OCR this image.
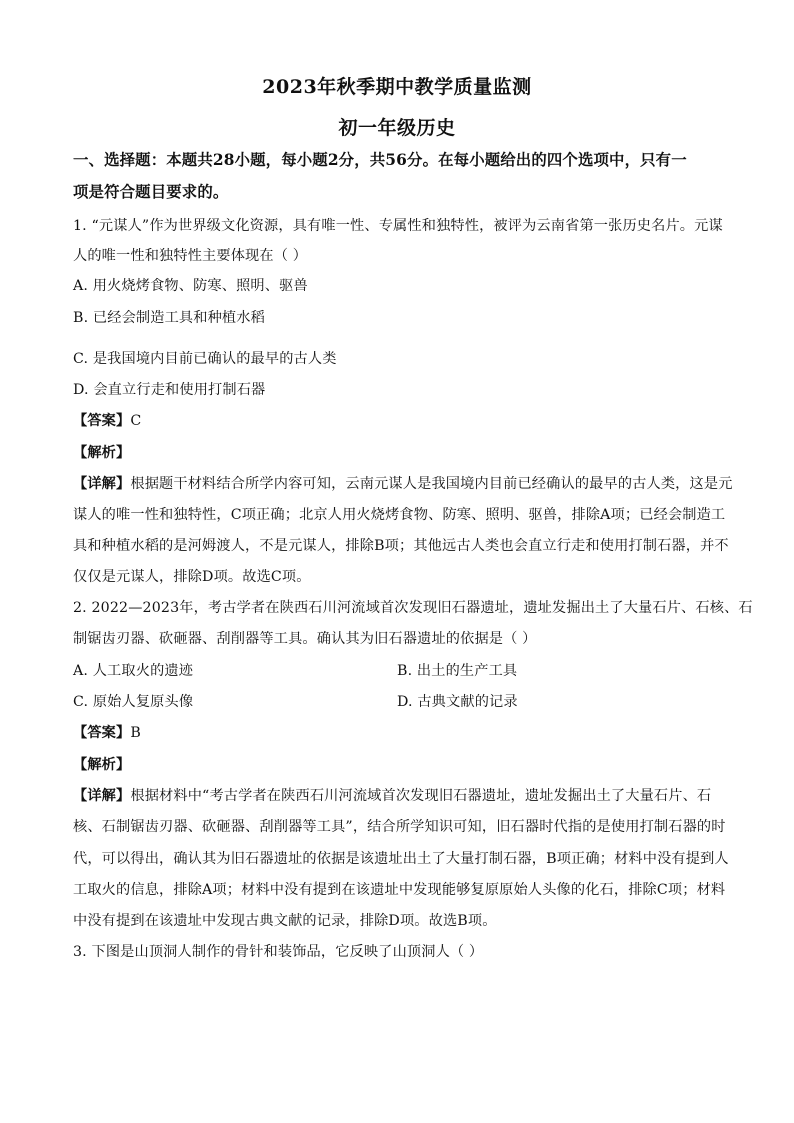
2023年秋季期中教学质量监测
初一年级历史
一、选择题：本题共28小题，每小题2分，共56分。在每小题给出的四个选项中，只有一
项是符合题目要求的。
1. “元谋人”作为世界级文化资源，具有唯一性、专属性和独特性，被评为云南省第一张历史名片。元谋
人的唯一性和独特性主要体现在（ ）
A. 用火烧烤食物、防寒、照明、驱兽
B. 已经会制造工具和种植水稻
C. 是我国境内目前已确认的最早的古人类
D. 会直立行走和使用打制石器
【答案】C
【解析】
【详解】根据题干材料结合所学内容可知，云南元谋人是我国境内目前已经确认的最早的古人类，这是元
谋人的唯一性和独特性，C项正确；北京人用火烧烤食物、防寒、照明、驱兽，排除A项；已经会制造工
具和种植水稻的是河姆渡人，不是元谋人，排除B项；其他远古人类也会直立行走和使用打制石器，并不
仅仅是元谋人，排除D项。故选C项。
2. 2022—2023年，考古学者在陕西石川河流域首次发现旧石器遗址，遗址发掘出土了大量石片、石核、石
制锯齿刃器、砍砸器、刮削器等工具。确认其为旧石器遗址的依据是（ ）
A. 人工取火的遗迹	B. 出土的生产工具
C. 原始人复原头像	D. 古典文献的记录
【答案】B
【解析】
【详解】根据材料中“考古学者在陕西石川河流域首次发现旧石器遗址，遗址发掘出土了大量石片、石
核、石制锯齿刃器、砍砸器、刮削器等工具”，结合所学知识可知，旧石器时代指的是使用打制石器的时
代，可以得出，确认其为旧石器遗址的依据是该遗址出土了大量打制石器，B项正确；材料中没有提到人
工取火的信息，排除A项；材料中没有提到在该遗址中发现能够复原原始人头像的化石，排除C项；材料
中没有提到在该遗址中发现古典文献的记录，排除D项。故选B项。
3. 下图是山顶洞人制作的骨针和装饰品，它反映了山顶洞人（ ）
